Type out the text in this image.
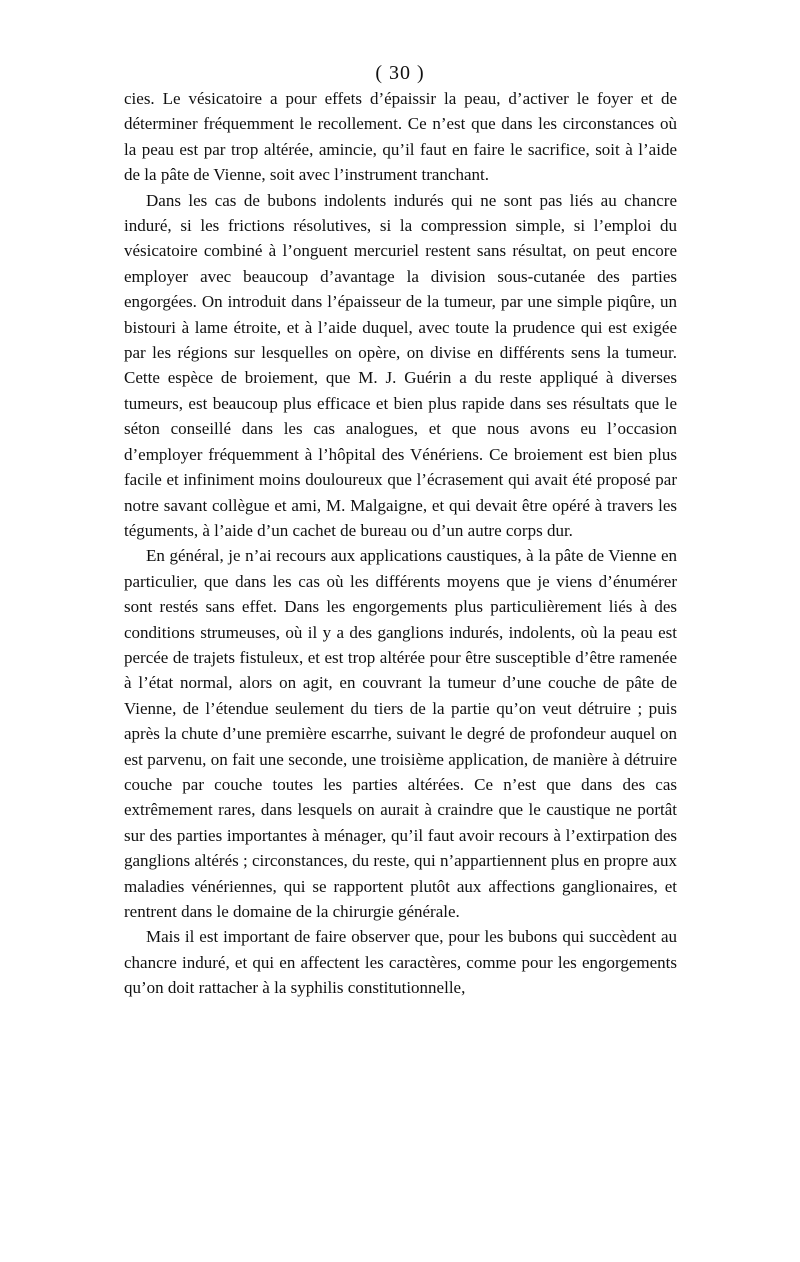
( 30 )

cies. Le vésicatoire a pour effets d’épaissir la peau, d’activer le foyer et de déterminer fréquemment le recollement. Ce n’est que dans les circonstances où la peau est par trop altérée, amincie, qu’il faut en faire le sacrifice, soit à l’aide de la pâte de Vienne, soit avec l’instrument tranchant.

Dans les cas de bubons indolents indurés qui ne sont pas liés au chancre induré, si les frictions résolutives, si la compression simple, si l’emploi du vésicatoire combiné à l’onguent mercuriel restent sans résultat, on peut encore employer avec beaucoup d’avantage la division sous-cutanée des parties engorgées. On introduit dans l’épaisseur de la tumeur, par une simple piqûre, un bistouri à lame étroite, et à l’aide duquel, avec toute la prudence qui est exigée par les régions sur lesquelles on opère, on divise en différents sens la tumeur. Cette espèce de broiement, que M. J. Guérin a du reste appliqué à diverses tumeurs, est beaucoup plus efficace et bien plus rapide dans ses résultats que le séton conseillé dans les cas analogues, et que nous avons eu l’occasion d’employer fréquemment à l’hôpital des Vénériens. Ce broiement est bien plus facile et infiniment moins douloureux que l’écrasement qui avait été proposé par notre savant collègue et ami, M. Malgaigne, et qui devait être opéré à travers les téguments, à l’aide d’un cachet de bureau ou d’un autre corps dur.

En général, je n’ai recours aux applications caustiques, à la pâte de Vienne en particulier, que dans les cas où les différents moyens que je viens d’énumérer sont restés sans effet. Dans les engorgements plus particulièrement liés à des conditions strumeuses, où il y a des ganglions indurés, indolents, où la peau est percée de trajets fistuleux, et est trop altérée pour être susceptible d’être ramenée à l’état normal, alors on agit, en couvrant la tumeur d’une couche de pâte de Vienne, de l’étendue seulement du tiers de la partie qu’on veut détruire ; puis après la chute d’une première escarrhe, suivant le degré de profondeur auquel on est parvenu, on fait une seconde, une troisième application, de manière à détruire couche par couche toutes les parties altérées. Ce n’est que dans des cas extrêmement rares, dans lesquels on aurait à craindre que le caustique ne portât sur des parties importantes à ménager, qu’il faut avoir recours à l’extirpation des ganglions altérés ; circonstances, du reste, qui n’appartiennent plus en propre aux maladies vénériennes, qui se rapportent plutôt aux affections ganglionaires, et rentrent dans le domaine de la chirurgie générale.

Mais il est important de faire observer que, pour les bubons qui succèdent au chancre induré, et qui en affectent les caractères, comme pour les engorgements qu’on doit rattacher à la syphilis constitutionnelle,
